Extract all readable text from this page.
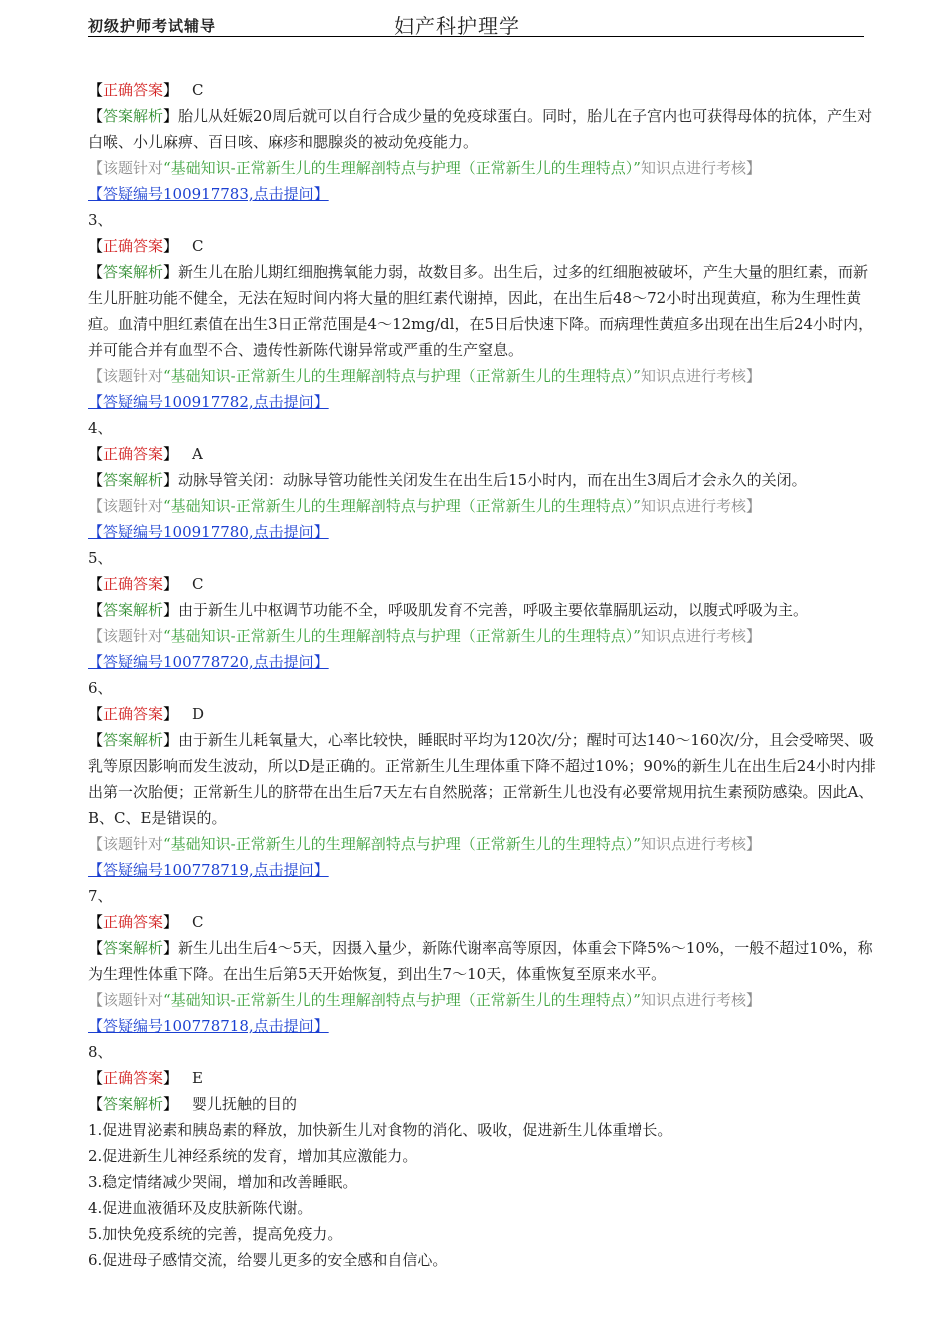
初级护师考试辅导	妇产科护理学
【正确答案】 C
【答案解析】胎儿从妊娠20周后就可以自行合成少量的免疫球蛋白。同时，胎儿在子宫内也可获得母体的抗体，产生对白喉、小儿麻痹、百日咳、麻疹和腮腺炎的被动免疫能力。
【该题针对“基础知识-正常新生儿的生理解剖特点与护理（正常新生儿的生理特点）”知识点进行考核】
【答疑编号100917783,点击提问】
3、
【正确答案】 C
【答案解析】新生儿在胎儿期红细胞携氧能力弱，故数目多。出生后，过多的红细胞被破坏，产生大量的胆红素，而新生儿肝脏功能不健全，无法在短时间内将大量的胆红素代谢掉，因此，在出生后48～72小时出现黄疸，称为生理性黄疸。血清中胆红素值在出生3日正常范围是4～12mg/dl，在5日后快速下降。而病理性黄疸多出现在出生后24小时内，并可能合并有血型不合、遗传性新陈代谢异常或严重的生产窒息。
【该题针对“基础知识-正常新生儿的生理解剖特点与护理（正常新生儿的生理特点）”知识点进行考核】
【答疑编号100917782,点击提问】
4、
【正确答案】 A
【答案解析】动脉导管关闭：动脉导管功能性关闭发生在出生后15小时内，而在出生3周后才会永久的关闭。
【该题针对“基础知识-正常新生儿的生理解剖特点与护理（正常新生儿的生理特点）”知识点进行考核】
【答疑编号100917780,点击提问】
5、
【正确答案】 C
【答案解析】由于新生儿中枢调节功能不全，呼吸肌发育不完善，呼吸主要依靠膈肌运动，以腹式呼吸为主。
【该题针对“基础知识-正常新生儿的生理解剖特点与护理（正常新生儿的生理特点）”知识点进行考核】
【答疑编号100778720,点击提问】
6、
【正确答案】 D
【答案解析】由于新生儿耗氧量大，心率比较快，睡眠时平均为120次/分；醒时可达140～160次/分，且会受啼哭、吸乳等原因影响而发生波动，所以D是正确的。正常新生儿生理体重下降不超过10%；90%的新生儿在出生后24小时内排出第一次胎便；正常新生儿的脐带在出生后7天左右自然脱落；正常新生儿也没有必要常规用抗生素预防感染。因此A、B、C、E是错误的。
【该题针对“基础知识-正常新生儿的生理解剖特点与护理（正常新生儿的生理特点）”知识点进行考核】
【答疑编号100778719,点击提问】
7、
【正确答案】 C
【答案解析】新生儿出生后4～5天，因摄入量少，新陈代谢率高等原因，体重会下降5%～10%，一般不超过10%，称为生理性体重下降。在出生后第5天开始恢复，到出生7～10天，体重恢复至原来水平。
【该题针对“基础知识-正常新生儿的生理解剖特点与护理（正常新生儿的生理特点）”知识点进行考核】
【答疑编号100778718,点击提问】
8、
【正确答案】 E
【答案解析】 婴儿抚触的目的
1.促进胃泌素和胰岛素的释放，加快新生儿对食物的消化、吸收，促进新生儿体重增长。
2.促进新生儿神经系统的发育，增加其应激能力。
3.稳定情绪减少哭闹，增加和改善睡眠。
4.促进血液循环及皮肤新陈代谢。
5.加快免疫系统的完善，提高免疫力。
6.促进母子感情交流，给婴儿更多的安全感和自信心。
